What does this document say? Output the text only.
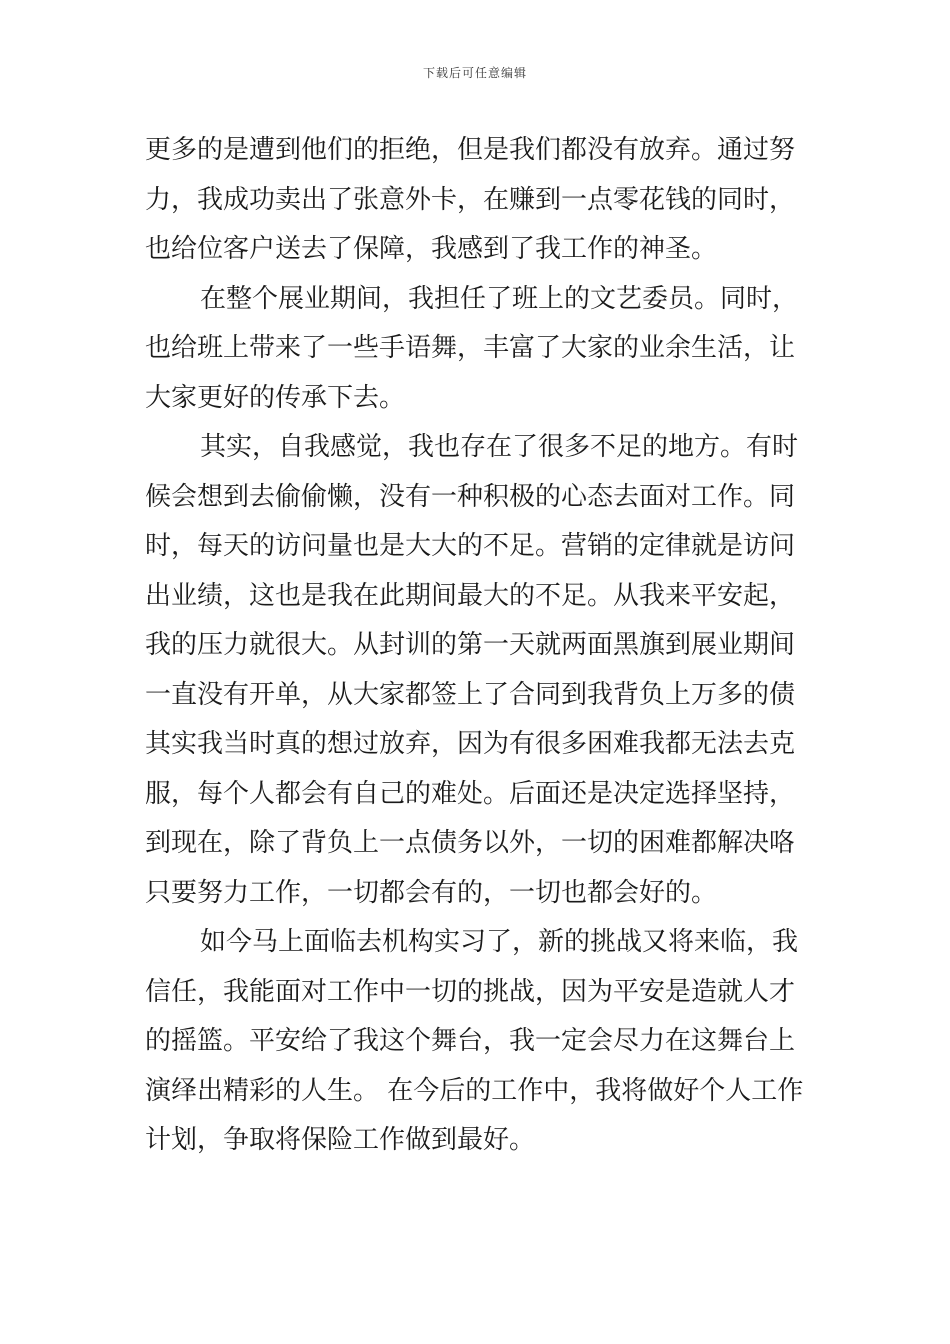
下载后可任意编辑
更多的是遭到他们的拒绝，但是我们都没有放弃。通过努
力，我成功卖出了张意外卡，在赚到一点零花钱的同时，
也给位客户送去了保障，我感到了我工作的神圣。
在整个展业期间，我担任了班上的文艺委员。同时，
也给班上带来了一些手语舞，丰富了大家的业余生活，让
大家更好的传承下去。
其实，自我感觉，我也存在了很多不足的地方。有时
候会想到去偷偷懒，没有一种积极的心态去面对工作。同
时，每天的访问量也是大大的不足。营销的定律就是访问
出业绩，这也是我在此期间最大的不足。从我来平安起，
我的压力就很大。从封训的第一天就两面黑旗到展业期间
一直没有开单，从大家都签上了合同到我背负上万多的债
其实我当时真的想过放弃，因为有很多困难我都无法去克
服，每个人都会有自己的难处。后面还是决定选择坚持，
到现在，除了背负上一点债务以外，一切的困难都解决咯
只要努力工作，一切都会有的，一切也都会好的。
如今马上面临去机构实习了，新的挑战又将来临，我
信任，我能面对工作中一切的挑战，因为平安是造就人才
的摇篮。平安给了我这个舞台，我一定会尽力在这舞台上
演绎出精彩的人生。 在今后的工作中，我将做好个人工作
计划，争取将保险工作做到最好。
